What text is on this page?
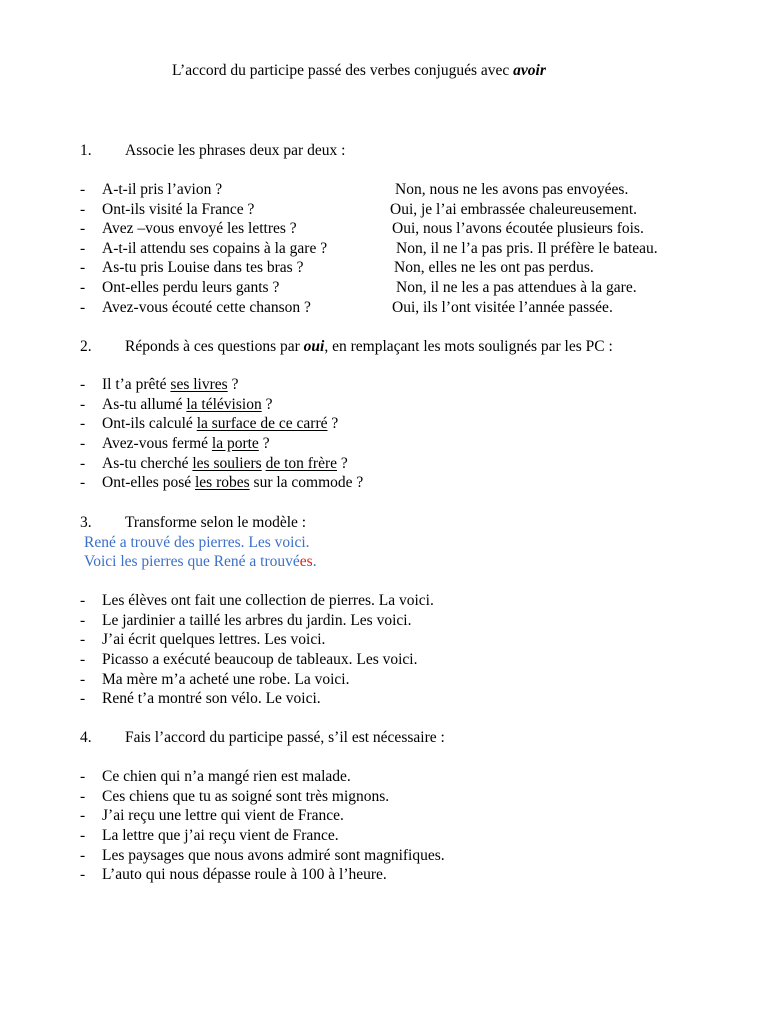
L’accord du participe passé des verbes conjugués avec avoir
1. Associe les phrases deux par deux :
- A-t-il pris l’avion ?	Non, nous ne les avons pas envoyées.
- Ont-ils visité la France ?	Oui, je l’ai embrassée chaleureusement.
- Avez –vous envoyé les lettres ?	Oui, nous l’avons écoutée plusieurs fois.
- A-t-il attendu ses copains à la gare ?	Non, il ne l’a pas pris. Il préfère le bateau.
- As-tu pris Louise dans tes bras ?	Non, elles ne les ont pas perdus.
- Ont-elles perdu leurs gants ?	Non, il ne les a pas attendues à la gare.
- Avez-vous écouté cette chanson ?	Oui, ils l’ont visitée l’année passée.
2. Réponds à ces questions par oui, en remplaçant les mots soulignés par les PC :
- Il t’a prêté ses livres ?
- As-tu allumé la télévision ?
- Ont-ils calculé la surface de ce carré ?
- Avez-vous fermé la porte ?
- As-tu cherché les souliers de ton frère ?
- Ont-elles posé les robes sur la commode ?
3. Transforme selon le modèle :
René a trouvé des pierres. Les voici.
Voici les pierres que René a trouvées.
- Les élèves ont fait une collection de pierres. La voici.
- Le jardinier a taillé les arbres du jardin. Les voici.
- J’ai écrit quelques lettres. Les voici.
- Picasso a exécuté beaucoup de tableaux. Les voici.
- Ma mère m’a acheté une robe. La voici.
- René t’a montré son vélo. Le voici.
4. Fais l’accord du participe passé, s’il est nécessaire :
- Ce chien qui n’a mangé rien est malade.
- Ces chiens que tu as soigné sont très mignons.
- J’ai reçu une lettre qui vient de France.
- La lettre que j’ai reçu vient de France.
- Les paysages que nous avons admiré sont magnifiques.
- L’auto qui nous dépasse roule à 100 à l’heure.
